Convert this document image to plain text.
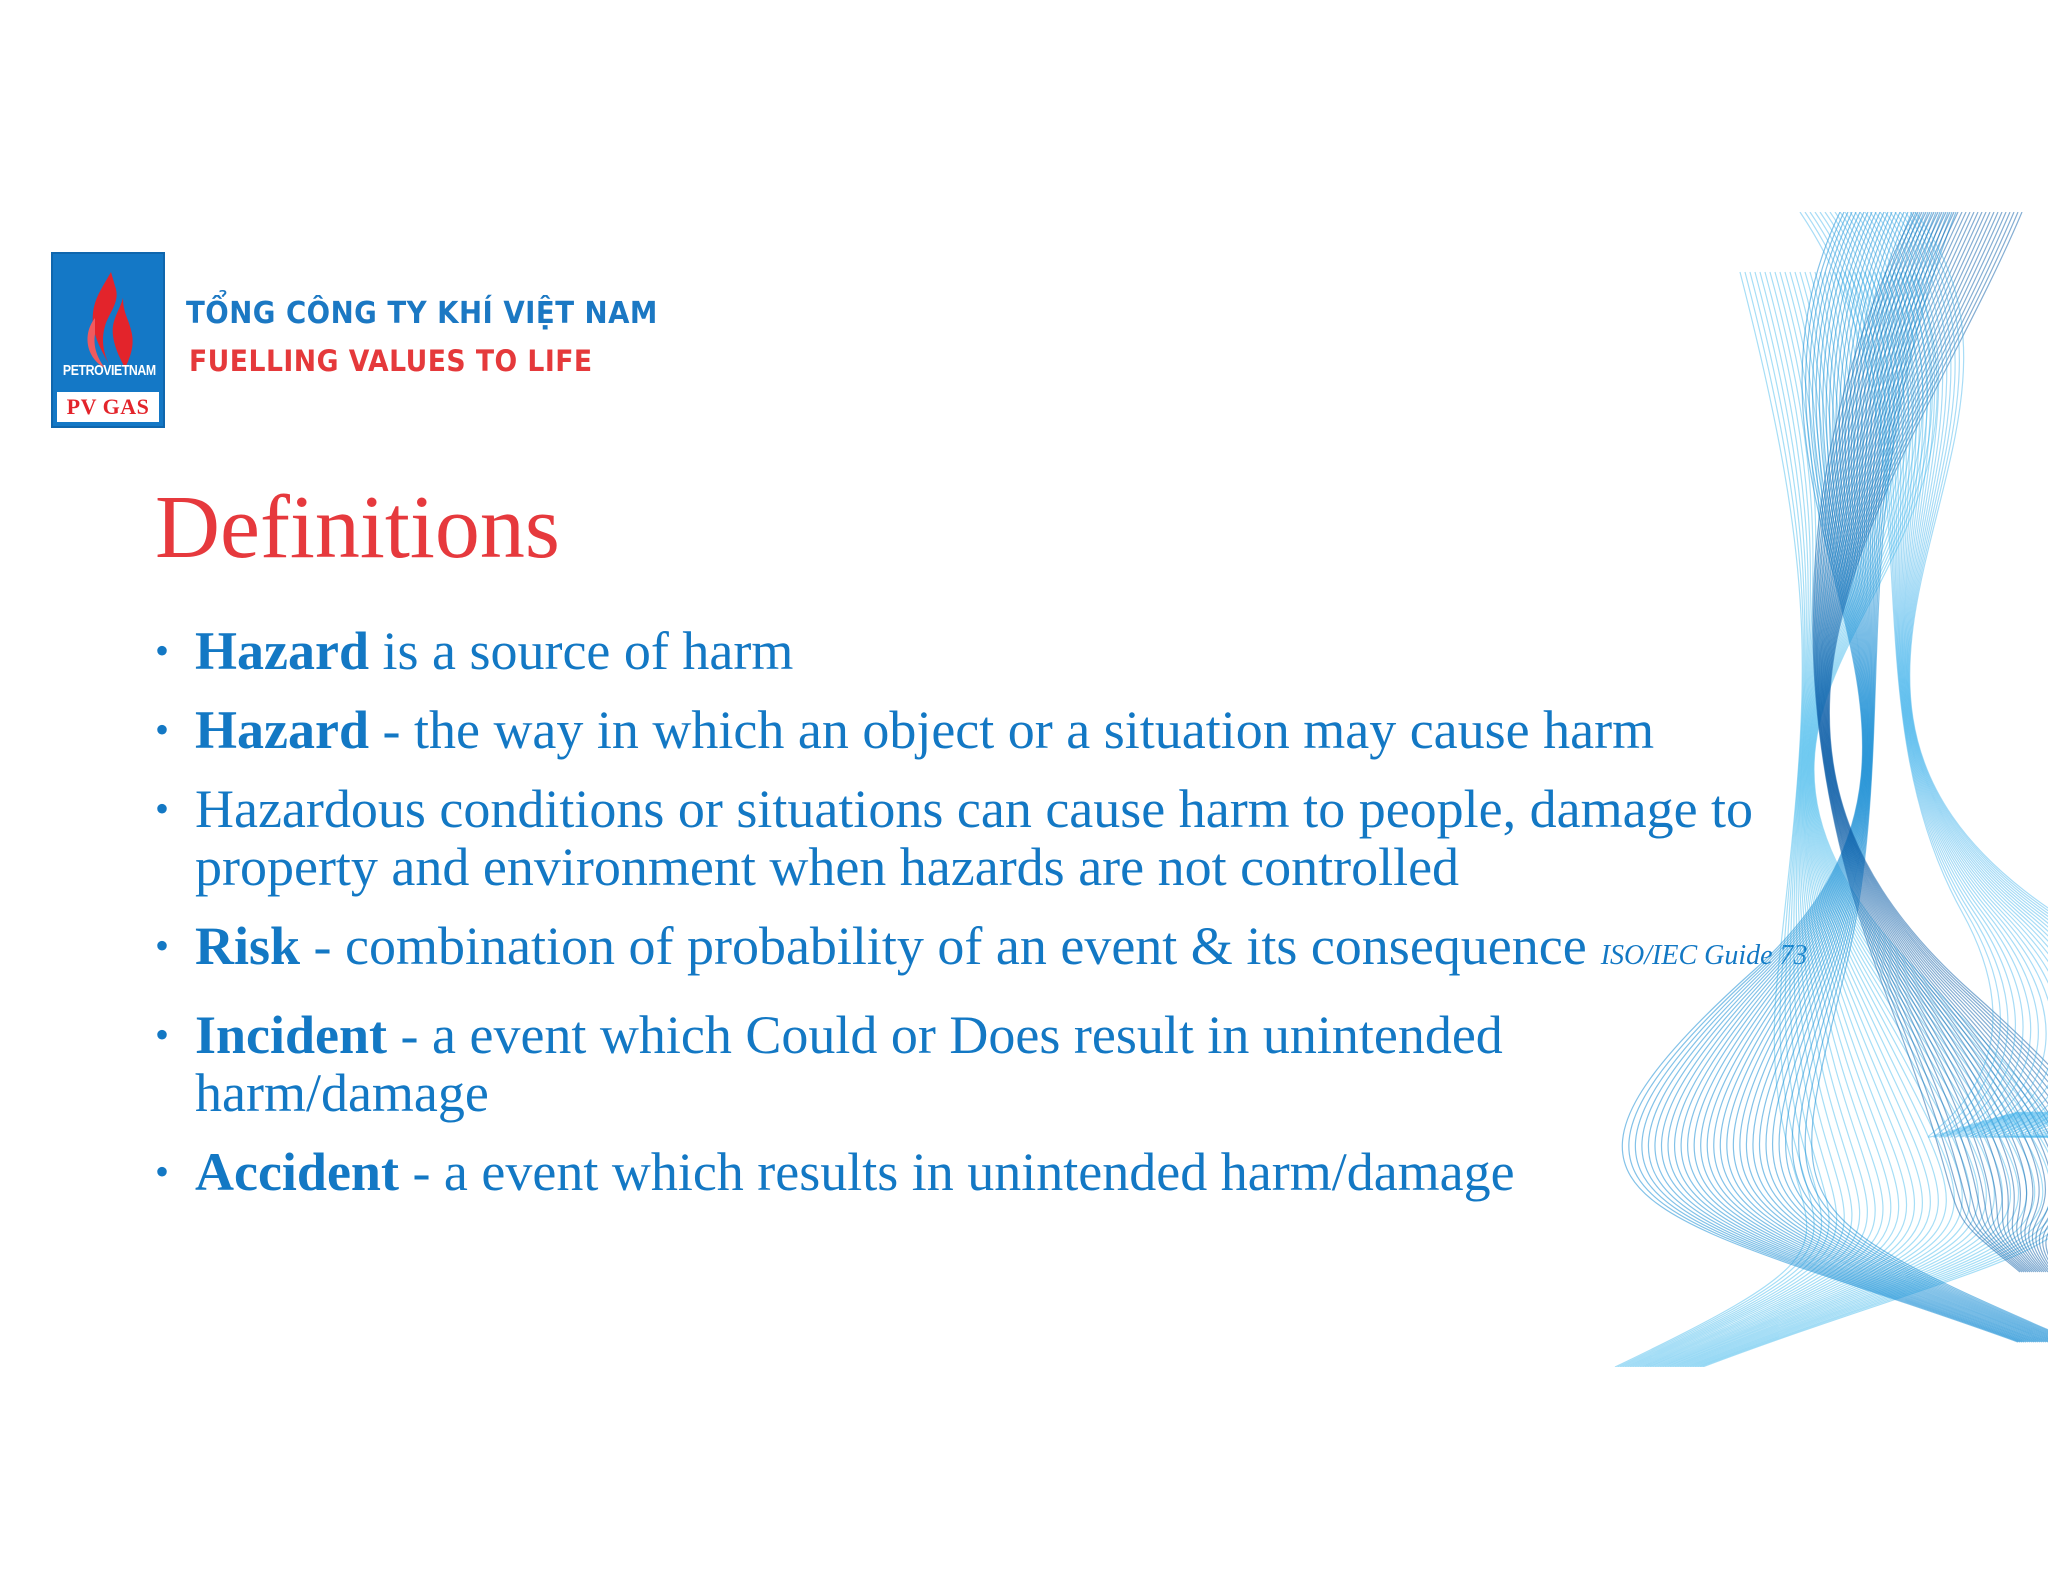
PETROVIETNAM
PV GAS
TỔNG CÔNG TY KHÍ VIỆT NAM
FUELLING VALUES TO LIFE
Definitions
• Hazard is a source of harm
• Hazard - the way in which an object or a situation may cause harm
• Hazardous conditions or situations can cause harm to people, damage to
property and environment when hazards are not controlled
• Risk - combination of probability of an event & its consequence ISO/IEC Guide 73
• Incident - a event which Could or Does result in unintended
harm/damage
• Accident - a event which results in unintended harm/damage
